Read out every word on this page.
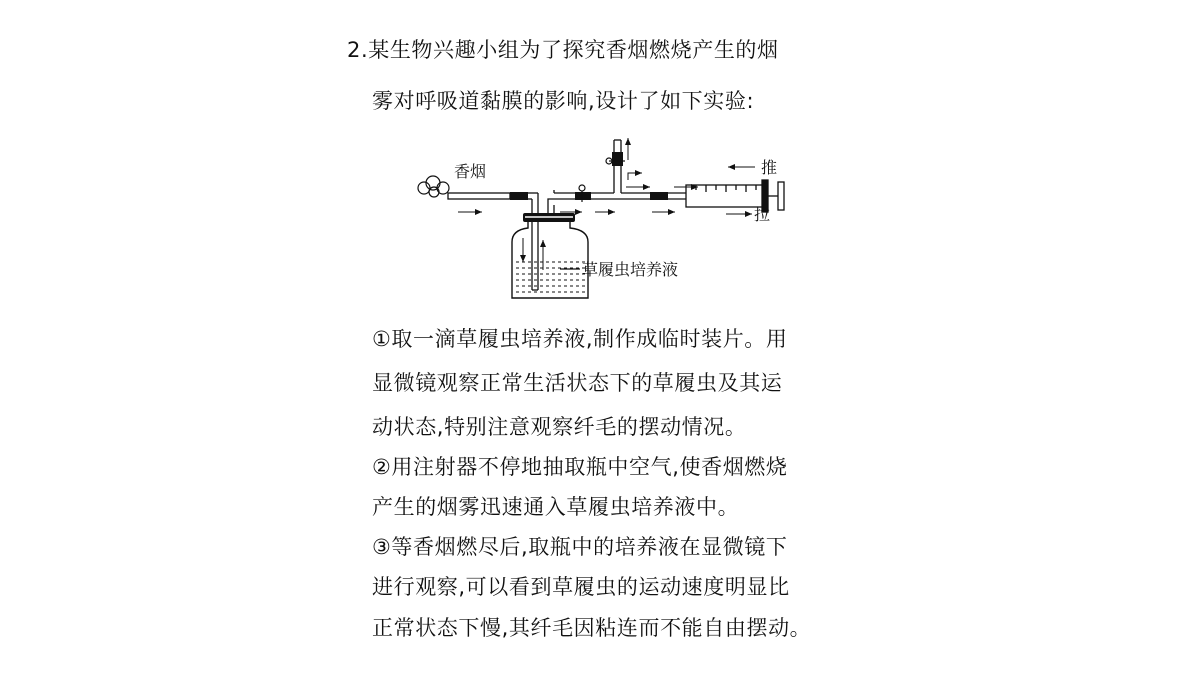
2.某生物兴趣小组为了探究香烟燃烧产生的烟
雾对呼吸道黏膜的影响,设计了如下实验:
香烟
草履虫培养液
推
拉
①取一滴草履虫培养液,制作成临时装片。用
显微镜观察正常生活状态下的草履虫及其运
动状态,特别注意观察纤毛的摆动情况。
②用注射器不停地抽取瓶中空气,使香烟燃烧
产生的烟雾迅速通入草履虫培养液中。
③等香烟燃尽后,取瓶中的培养液在显微镜下
进行观察,可以看到草履虫的运动速度明显比
正常状态下慢,其纤毛因粘连而不能自由摆动。
